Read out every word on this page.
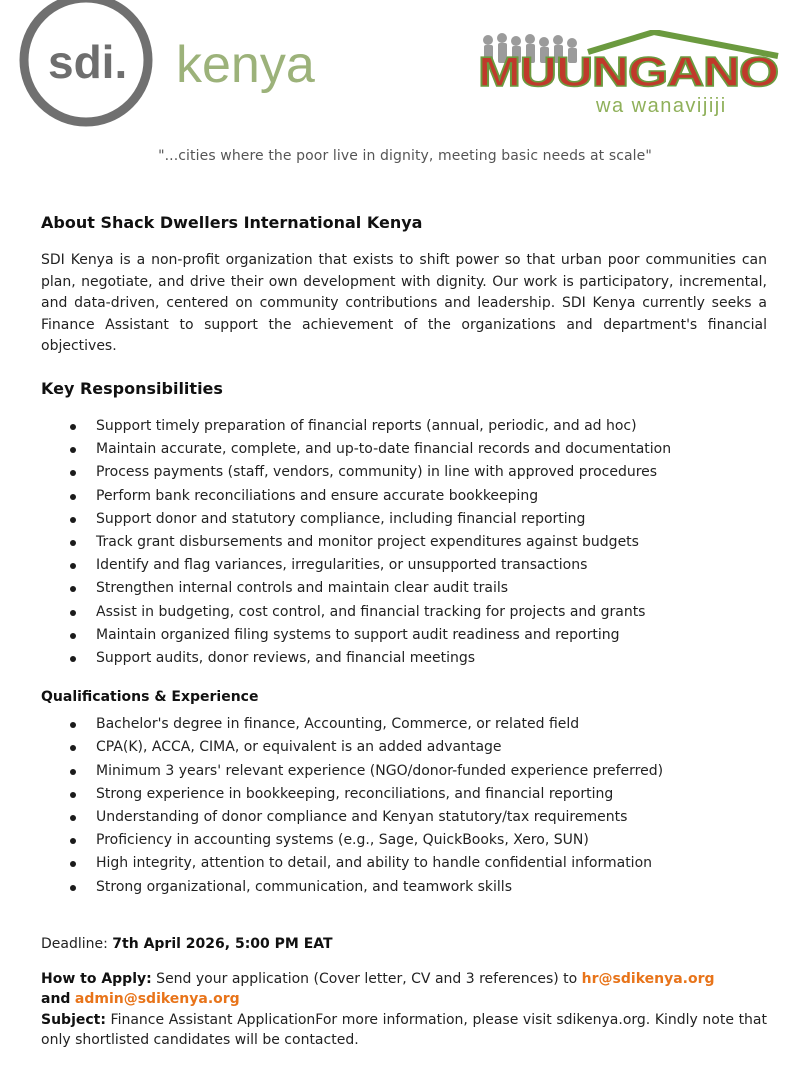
sdi. kenya	MUUNGANO
wa wanavijiji
"...cities where the poor live in dignity, meeting basic needs at scale"
About Shack Dwellers International Kenya

SDI Kenya is a non-profit organization that exists to shift power so that urban poor communities can plan, negotiate, and drive their own development with dignity. Our work is participatory, incremental, and data-driven, centered on community contributions and leadership. SDI Kenya currently seeks a Finance Assistant to support the achievement of the organizations and department's financial objectives.

Key Responsibilities
Support timely preparation of financial reports (annual, periodic, and ad hoc)
Maintain accurate, complete, and up-to-date financial records and documentation
Process payments (staff, vendors, community) in line with approved procedures
Perform bank reconciliations and ensure accurate bookkeeping
Support donor and statutory compliance, including financial reporting
Track grant disbursements and monitor project expenditures against budgets
Identify and flag variances, irregularities, or unsupported transactions
Strengthen internal controls and maintain clear audit trails
Assist in budgeting, cost control, and financial tracking for projects and grants
Maintain organized filing systems to support audit readiness and reporting
Support audits, donor reviews, and financial meetings
Qualifications & Experience
Bachelor's degree in finance, Accounting, Commerce, or related field
CPA(K), ACCA, CIMA, or equivalent is an added advantage
Minimum 3 years' relevant experience (NGO/donor-funded experience preferred)
Strong experience in bookkeeping, reconciliations, and financial reporting
Understanding of donor compliance and Kenyan statutory/tax requirements
Proficiency in accounting systems (e.g., Sage, QuickBooks, Xero, SUN)
High integrity, attention to detail, and ability to handle confidential information
Strong organizational, communication, and teamwork skills
Deadline: 7th April 2026, 5:00 PM EAT
How to Apply: Send your application (Cover letter, CV and 3 references) to hr@sdikenya.org
and admin@sdikenya.org
Subject: Finance Assistant ApplicationFor more information, please visit sdikenya.org. Kindly note that only shortlisted candidates will be contacted.
